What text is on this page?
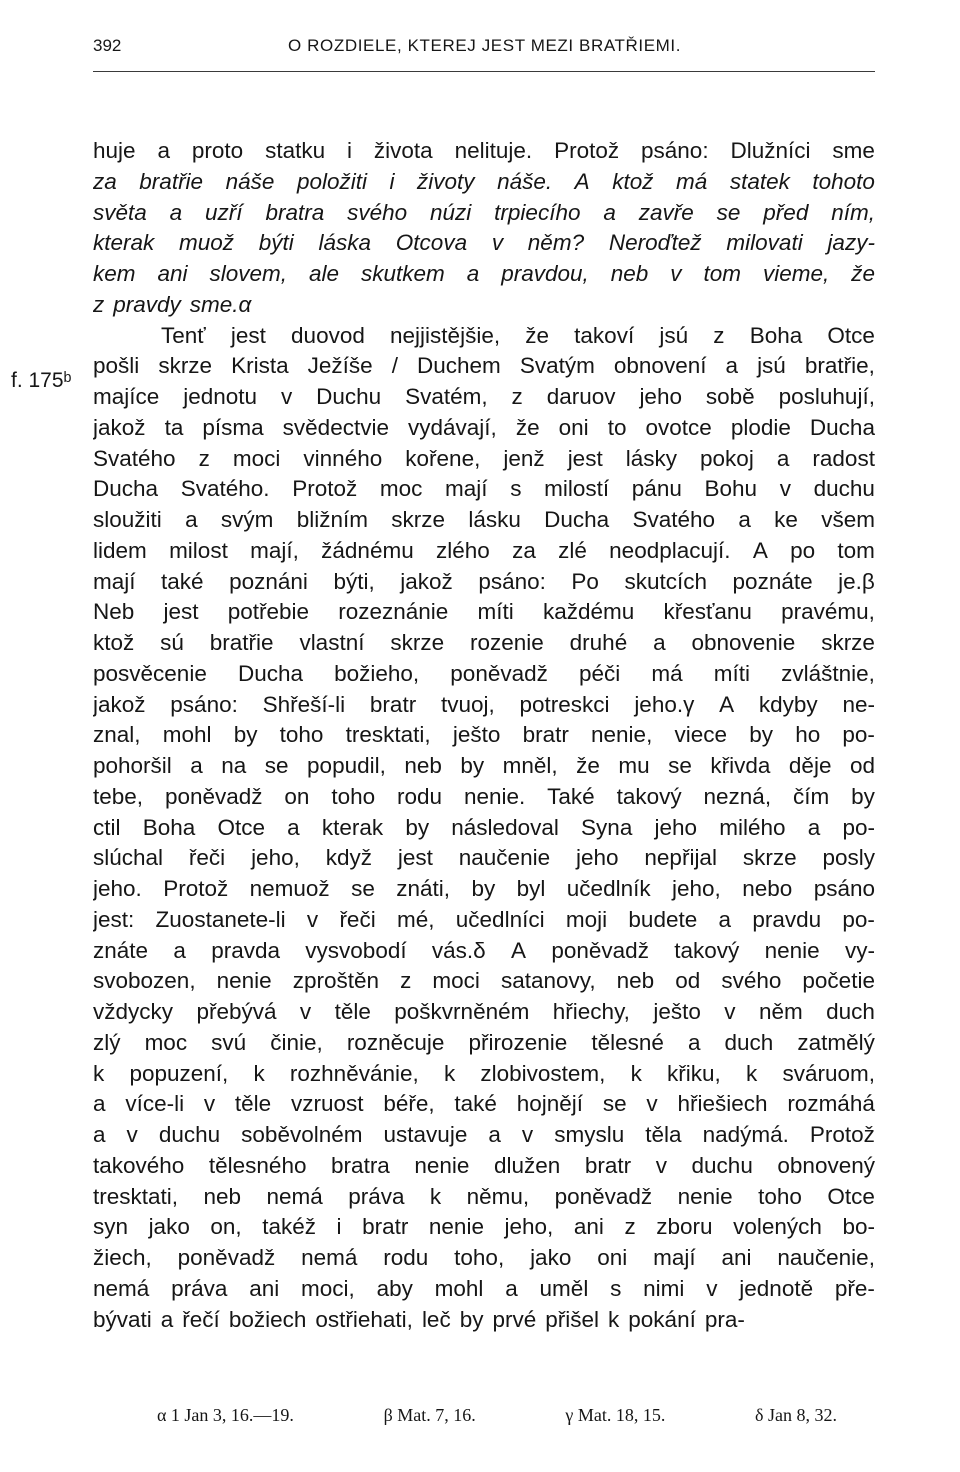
392	O ROZDIELE, KTEREJ JEST MEZI BRATŘIEMI.
f. 175ᵇ
huje a proto statku i života nelituje. Protož psáno: Dlužníci sme
za bratřie náše položiti i životy náše. A ktož má statek tohoto
světa a uzří bratra svého núzi trpiecího a zavře se před ním,
kterak muož býti láska Otcova v něm? Neroďtež milovati jazy-
kem ani slovem, ale skutkem a pravdou, neb v tom vieme, že
z pravdy sme.α
Tenť jest duovod nejjistějšie, že takoví jsú z Boha Otce
pošli skrze Krista Ježíše / Duchem Svatým obnovení a jsú bratřie,
majíce jednotu v Duchu Svatém, z daruov jeho sobě posluhují,
jakož ta písma svědectvie vydávají, že oni to ovotce plodie Ducha
Svatého z moci vinného kořene, jenž jest lásky pokoj a radost
Ducha Svatého. Protož moc mají s milostí pánu Bohu v duchu
sloužiti a svým bližním skrze lásku Ducha Svatého a ke všem
lidem milost mají, žádnému zlého za zlé neodplacují. A po tom
mají také poznáni býti, jakož psáno: Po skutcích poznáte je.β
Neb jest potřebie rozeznánie míti každému křesťanu pravému,
ktož sú bratřie vlastní skrze rozenie druhé a obnovenie skrze
posvěcenie Ducha božieho, poněvadž péči má míti zvláštnie,
jakož psáno: Shřeší-li bratr tvuoj, potreskci jeho.γ A kdyby ne-
znal, mohl by toho tresktati, ješto bratr nenie, viece by ho po-
pohoršil a na se popudil, neb by mněl, že mu se křivda děje od
tebe, poněvadž on toho rodu nenie. Také takový nezná, čím by
ctil Boha Otce a kterak by následoval Syna jeho milého a po-
slúchal řeči jeho, když jest naučenie jeho nepřijal skrze posly
jeho. Protož nemuož se znáti, by byl učedlník jeho, nebo psáno
jest: Zuostanete-li v řeči mé, učedlníci moji budete a pravdu po-
znáte a pravda vysvobodí vás.δ A poněvadž takový nenie vy-
svobozen, nenie zproštěn z moci satanovy, neb od svého početie
vždycky přebývá v těle poškvrněném hřiechy, ješto v něm duch
zlý moc svú činie, rozněcuje přirozenie tělesné a duch zatmělý
k popuzení, k rozhněvánie, k zlobivostem, k křiku, k sváruom,
a více-li v těle vzruost béře, také hojnějí se v hřiešiech rozmáhá
a v duchu soběvolném ustavuje a v smyslu těla nadýmá. Protož
takového tělesného bratra nenie dlužen bratr v duchu obnovený
tresktati, neb nemá práva k němu, poněvadž nenie toho Otce
syn jako on, takéž i bratr nenie jeho, ani z zboru volených bo-
žiech, poněvadž nemá rodu toho, jako oni mají ani naučenie,
nemá práva ani moci, aby mohl a uměl s nimi v jednotě pře-
bývati a řečí božiech ostřiehati, leč by prvé přišel k pokání pra-
α 1 Jan 3, 16.—19.	β Mat. 7, 16.	γ Mat. 18, 15.	δ Jan 8, 32.
